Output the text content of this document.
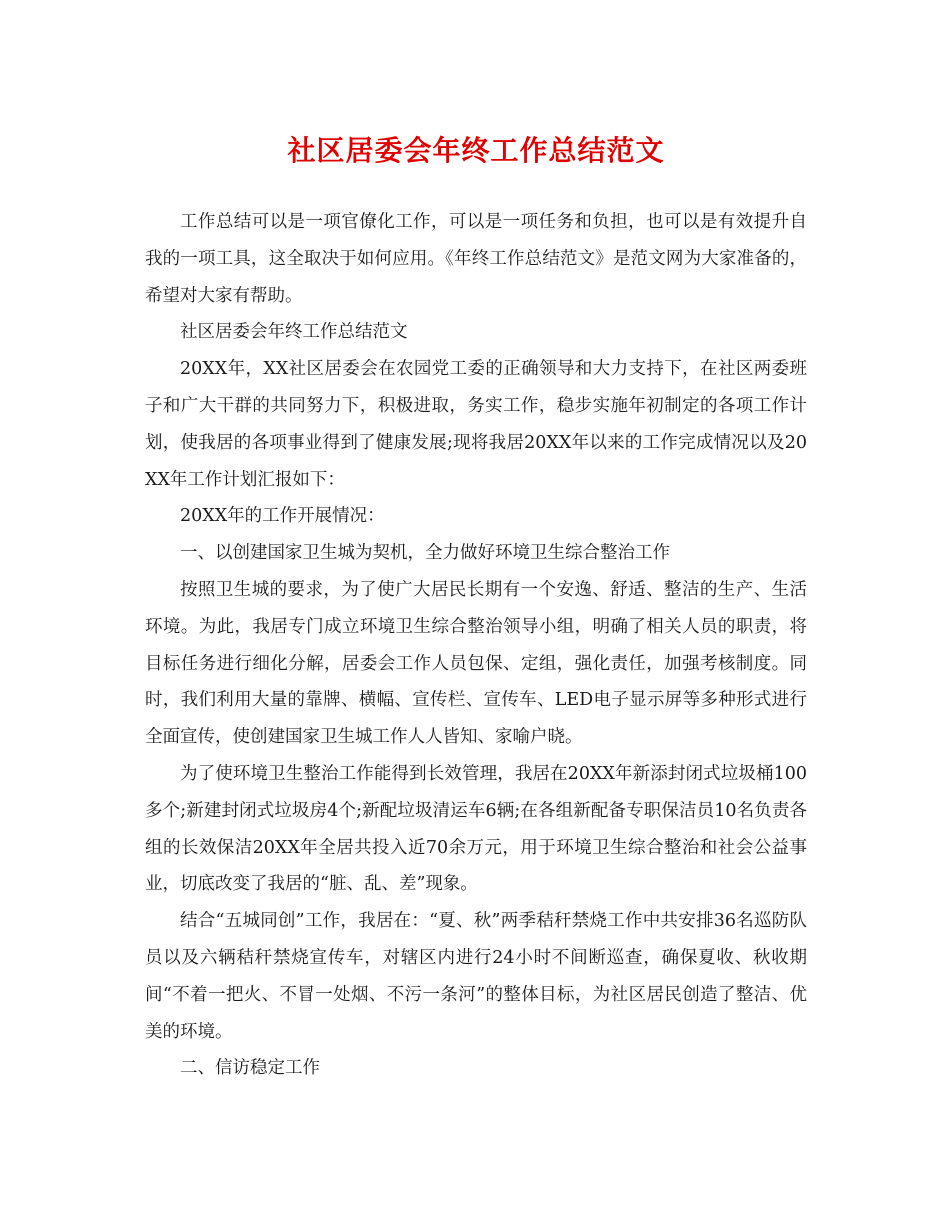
社区居委会年终工作总结范文

工作总结可以是一项官僚化工作，可以是一项任务和负担，也可以是有效提升自我的一项工具，这全取决于如何应用。《年终工作总结范文》是范文网为大家准备的，希望对大家有帮助。

社区居委会年终工作总结范文

20XX年，XX社区居委会在农园党工委的正确领导和大力支持下，在社区两委班子和广大干群的共同努力下，积极进取，务实工作，稳步实施年初制定的各项工作计划，使我居的各项事业得到了健康发展;现将我居20XX年以来的工作完成情况以及20XX年工作计划汇报如下：

20XX年的工作开展情况：

一、以创建国家卫生城为契机，全力做好环境卫生综合整治工作

按照卫生城的要求，为了使广大居民长期有一个安逸、舒适、整洁的生产、生活环境。为此，我居专门成立环境卫生综合整治领导小组，明确了相关人员的职责，将目标任务进行细化分解，居委会工作人员包保、定组，强化责任，加强考核制度。同时，我们利用大量的靠牌、横幅、宣传栏、宣传车、LED电子显示屏等多种形式进行全面宣传，使创建国家卫生城工作人人皆知、家喻户晓。

为了使环境卫生整治工作能得到长效管理，我居在20XX年新添封闭式垃圾桶100多个;新建封闭式垃圾房4个;新配垃圾清运车6辆;在各组新配备专职保洁员10名负责各组的长效保洁20XX年全居共投入近70余万元，用于环境卫生综合整治和社会公益事业，切底改变了我居的“脏、乱、差”现象。

结合“五城同创”工作，我居在：“夏、秋”两季秸秆禁烧工作中共安排36名巡防队员以及六辆秸秆禁烧宣传车，对辖区内进行24小时不间断巡查，确保夏收、秋收期间“不着一把火、不冒一处烟、不污一条河”的整体目标，为社区居民创造了整洁、优美的环境。

二、信访稳定工作
